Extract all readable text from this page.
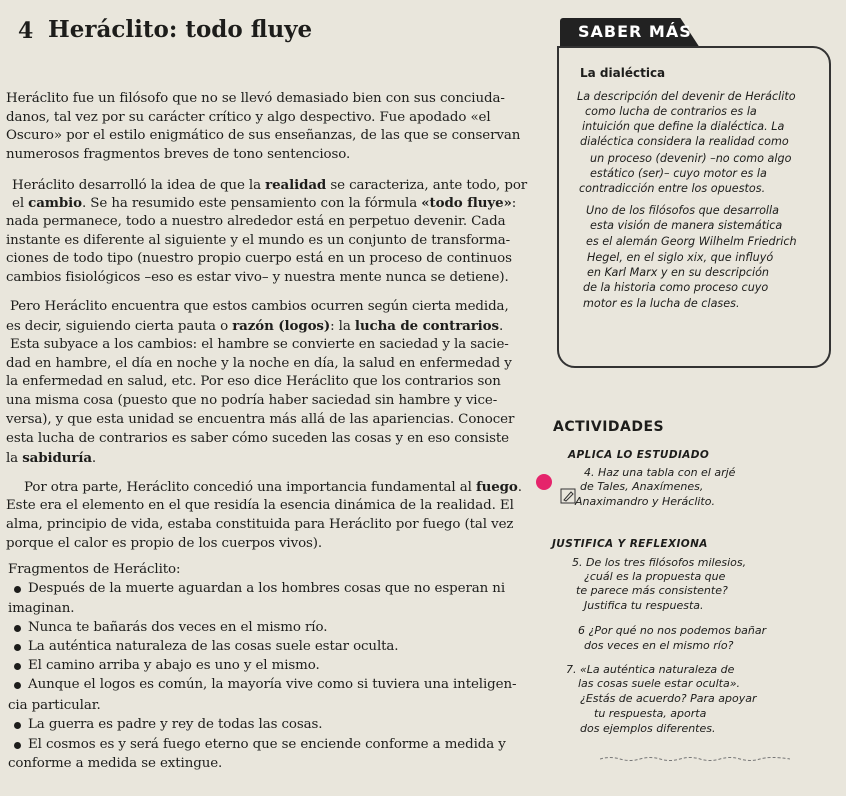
4 Heráclito: todo fluye
Heráclito fue un filósofo que no se llevó demasiado bien con sus conciuda-
danos, tal vez por su carácter crítico y algo despectivo. Fue apodado «el
Oscuro» por el estilo enigmático de sus enseñanzas, de las que se conservan
numerosos fragmentos breves de tono sentencioso.
Heráclito desarrolló la idea de que la realidad se caracteriza, ante todo, por
el cambio. Se ha resumido este pensamiento con la fórmula «todo fluye»:
nada permanece, todo a nuestro alrededor está en perpetuo devenir. Cada
instante es diferente al siguiente y el mundo es un conjunto de transforma-
ciones de todo tipo (nuestro propio cuerpo está en un proceso de continuos
cambios fisiológicos –eso es estar vivo– y nuestra mente nunca se detiene).
Pero Heráclito encuentra que estos cambios ocurren según cierta medida,
es decir, siguiendo cierta pauta o razón (logos): la lucha de contrarios.
Esta subyace a los cambios: el hambre se convierte en saciedad y la sacie-
dad en hambre, el día en noche y la noche en día, la salud en enfermedad y
la enfermedad en salud, etc. Por eso dice Heráclito que los contrarios son
una misma cosa (puesto que no podría haber saciedad sin hambre y vice-
versa), y que esta unidad se encuentra más allá de las apariencias. Conocer
esta lucha de contrarios es saber cómo suceden las cosas y en eso consiste
la sabiduría.
Por otra parte, Heráclito concedió una importancia fundamental al fuego.
Este era el elemento en el que residía la esencia dinámica de la realidad. El
alma, principio de vida, estaba constituida para Heráclito por fuego (tal vez
porque el calor es propio de los cuerpos vivos).
Fragmentos de Heráclito:
Después de la muerte aguardan a los hombres cosas que no esperan ni
imaginan.
Nunca te bañarás dos veces en el mismo río.
La auténtica naturaleza de las cosas suele estar oculta.
El camino arriba y abajo es uno y el mismo.
Aunque el logos es común, la mayoría vive como si tuviera una inteligen-
cia particular.
La guerra es padre y rey de todas las cosas.
El cosmos es y será fuego eterno que se enciende conforme a medida y
conforme a medida se extingue.
SABER MÁS
La dialéctica
La descripción del devenir de Heráclito
como lucha de contrarios es la
intuición que define la dialéctica. La
dialéctica considera la realidad como
un proceso (devenir) –no como algo
estático (ser)– cuyo motor es la
contradicción entre los opuestos.
Uno de los filósofos que desarrolla
esta visión de manera sistemática
es el alemán Georg Wilhelm Friedrich
Hegel, en el siglo xix, que influyó
en Karl Marx y en su descripción
de la historia como proceso cuyo
motor es la lucha de clases.
ACTIVIDADES
APLICA LO ESTUDIADO
JUSTIFICA Y REFLEXIONA
4. Haz una tabla con el arjé
de Tales, Anaxímenes,
Anaximandro y Heráclito.
5. De los tres filósofos milesios,
¿cuál es la propuesta que
te parece más consistente?
Justifica tu respuesta.
6 ¿Por qué no nos podemos bañar
dos veces en el mismo río?
7. «La auténtica naturaleza de
las cosas suele estar oculta».
¿Estás de acuerdo? Para apoyar
tu respuesta, aporta
dos ejemplos diferentes.
